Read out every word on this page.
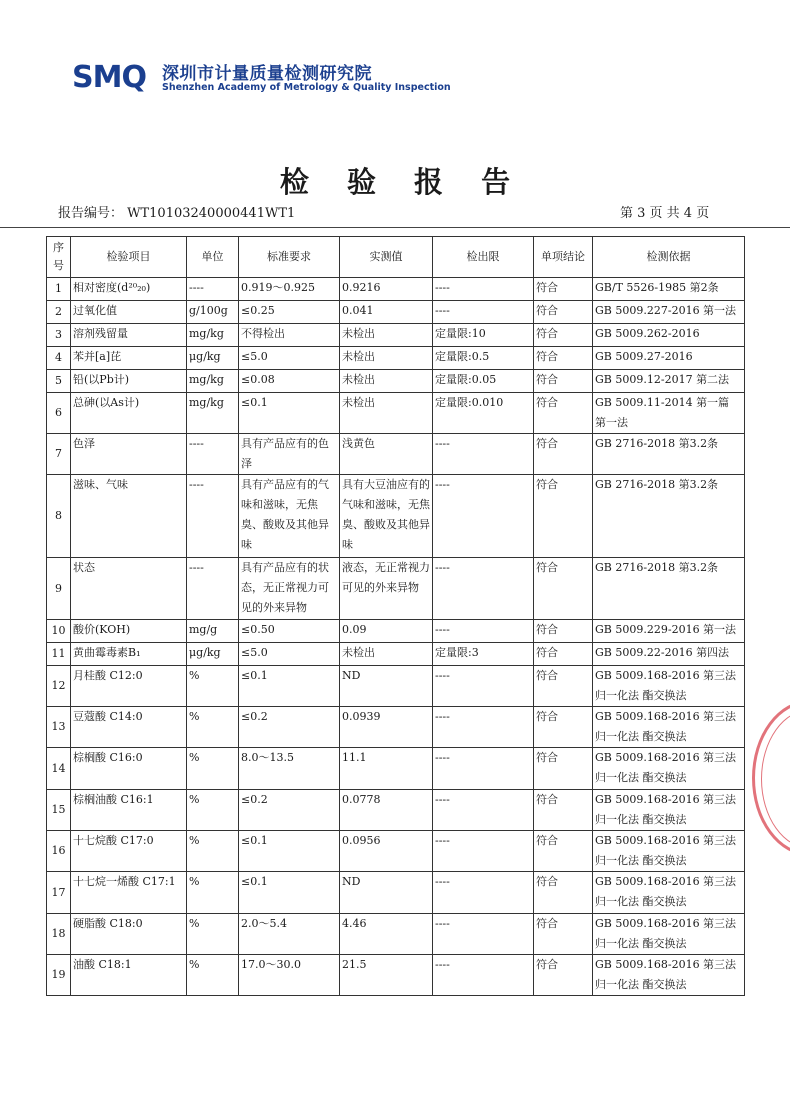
SMQ 深圳市计量质量检测研究院
Shenzhen Academy of Metrology & Quality Inspection
检 验 报 告
报告编号： WT10103240000441WT1	第 3 页 共 4 页
序号	检验项目	单位	标准要求	实测值	检出限	单项结论	检测依据
1	相对密度(d²⁰₂₀)	----	0.919～0.925	0.9216	----	符合	GB/T 5526-1985 第2条
2	过氧化值	g/100g	≤0.25	0.041	----	符合	GB 5009.227-2016 第一法
3	溶剂残留量	mg/kg	不得检出	未检出	定量限:10	符合	GB 5009.262-2016
4	苯并[a]芘	μg/kg	≤5.0	未检出	定量限:0.5	符合	GB 5009.27-2016
5	铅(以Pb计)	mg/kg	≤0.08	未检出	定量限:0.05	符合	GB 5009.12-2017 第二法
6	总砷(以As计)	mg/kg	≤0.1	未检出	定量限:0.010	符合	GB 5009.11-2014 第一篇 第一法
7	色泽	----	具有产品应有的色泽	浅黄色	----	符合	GB 2716-2018 第3.2条
8	滋味、气味	----	具有产品应有的气味和滋味，无焦臭、酸败及其他异味	具有大豆油应有的气味和滋味，无焦臭、酸败及其他异味	----	符合	GB 2716-2018 第3.2条
9	状态	----	具有产品应有的状态，无正常视力可见的外来异物	液态，无正常视力可见的外来异物	----	符合	GB 2716-2018 第3.2条
10	酸价(KOH)	mg/g	≤0.50	0.09	----	符合	GB 5009.229-2016 第一法
11	黄曲霉毒素B₁	μg/kg	≤5.0	未检出	定量限:3	符合	GB 5009.22-2016 第四法
12	月桂酸 C12:0	%	≤0.1	ND	----	符合	GB 5009.168-2016 第三法 归一化法 酯交换法
13	豆蔻酸 C14:0	%	≤0.2	0.0939	----	符合	GB 5009.168-2016 第三法 归一化法 酯交换法
14	棕榈酸 C16:0	%	8.0～13.5	11.1	----	符合	GB 5009.168-2016 第三法 归一化法 酯交换法
15	棕榈油酸 C16:1	%	≤0.2	0.0778	----	符合	GB 5009.168-2016 第三法 归一化法 酯交换法
16	十七烷酸 C17:0	%	≤0.1	0.0956	----	符合	GB 5009.168-2016 第三法 归一化法 酯交换法
17	十七烷一烯酸 C17:1	%	≤0.1	ND	----	符合	GB 5009.168-2016 第三法 归一化法 酯交换法
18	硬脂酸 C18:0	%	2.0～5.4	4.46	----	符合	GB 5009.168-2016 第三法 归一化法 酯交换法
19	油酸 C18:1	%	17.0～30.0	21.5	----	符合	GB 5009.168-2016 第三法 归一化法 酯交换法
